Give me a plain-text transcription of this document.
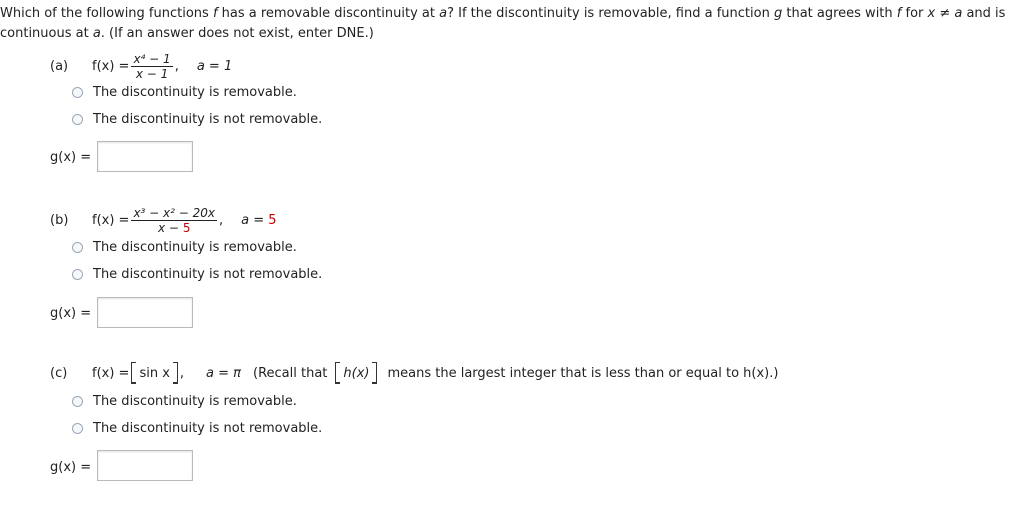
Which of the following functions f has a removable discontinuity at a? If the discontinuity is removable, find a function g that agrees with f for x ≠ a and is continuous at a. (If an answer does not exist, enter DNE.)
(a)	$f(x) = \frac{\text{x⁴ − 1}}{x - 1}$ , a = 1
The discontinuity is removable.
The discontinuity is not removable.
g(x) =
(b)	$f(x) = \frac{\text{x³ − x² − 20x}}{x - 5}$ , a = 5
The discontinuity is removable.
The discontinuity is not removable.
g(x) =
(c)	f(x) = sin x , a = π (Recall that	h(x)	means the largest integer that is less than or equal to h(x).)
The discontinuity is removable.
The discontinuity is not removable.
g(x) =
